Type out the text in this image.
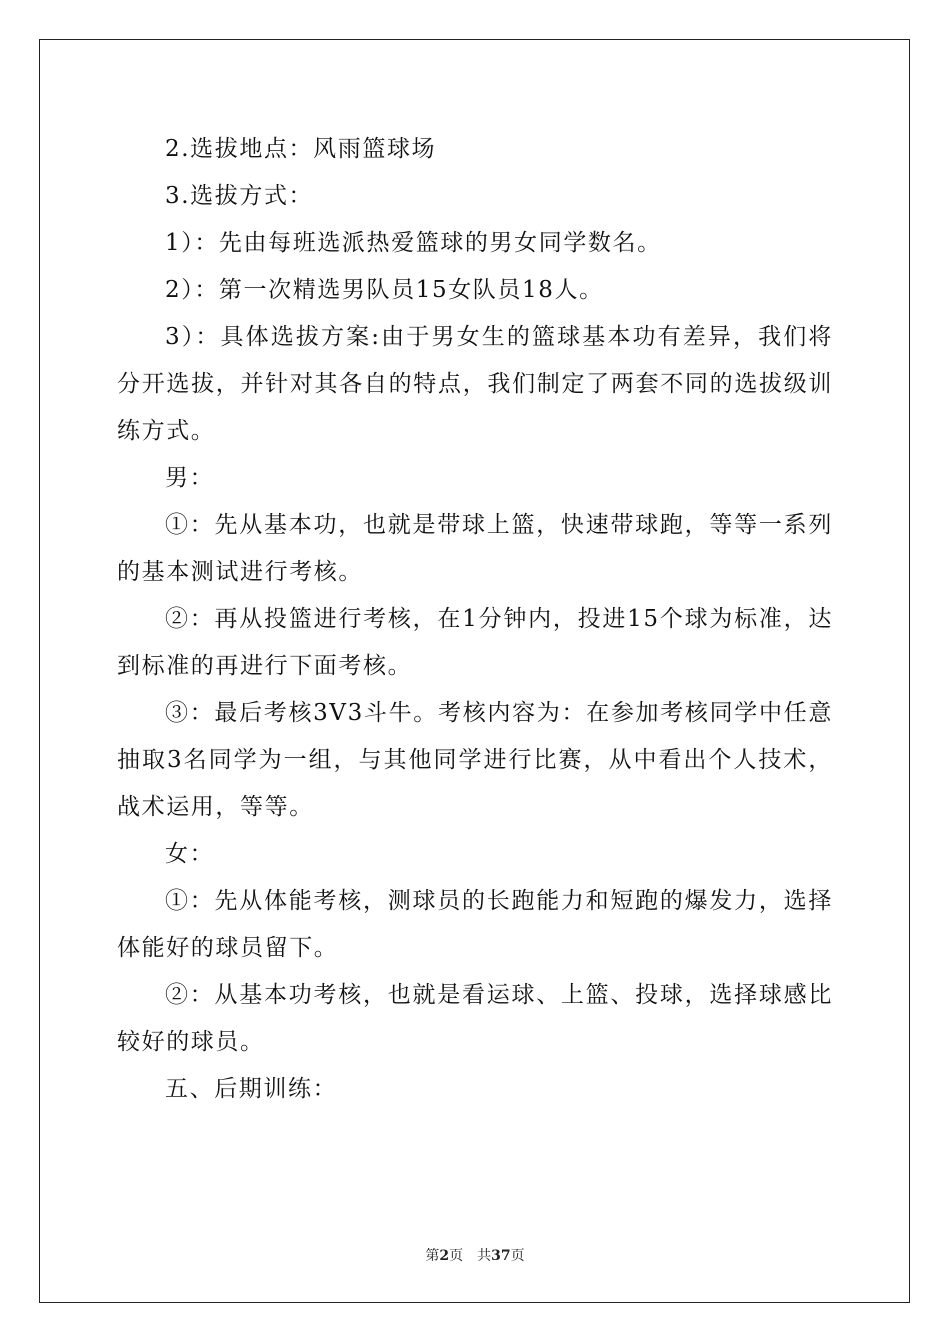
2.选拔地点：风雨篮球场

3.选拔方式：

1）：先由每班选派热爱篮球的男女同学数名。

2）：第一次精选男队员15女队员18人。

3）：具体选拔方案:由于男女生的篮球基本功有差异，我们将分开选拔，并针对其各自的特点，我们制定了两套不同的选拔级训练方式。

男：

①：先从基本功，也就是带球上篮，快速带球跑，等等一系列的基本测试进行考核。

②：再从投篮进行考核，在1分钟内，投进15个球为标准，达到标准的再进行下面考核。

③：最后考核3V3斗牛。考核内容为：在参加考核同学中任意抽取3名同学为一组，与其他同学进行比赛，从中看出个人技术，战术运用，等等。

女：

①：先从体能考核，测球员的长跑能力和短跑的爆发力，选择体能好的球员留下。

②：从基本功考核，也就是看运球、上篮、投球，选择球感比较好的球员。

五、后期训练：

第2页 共37页
